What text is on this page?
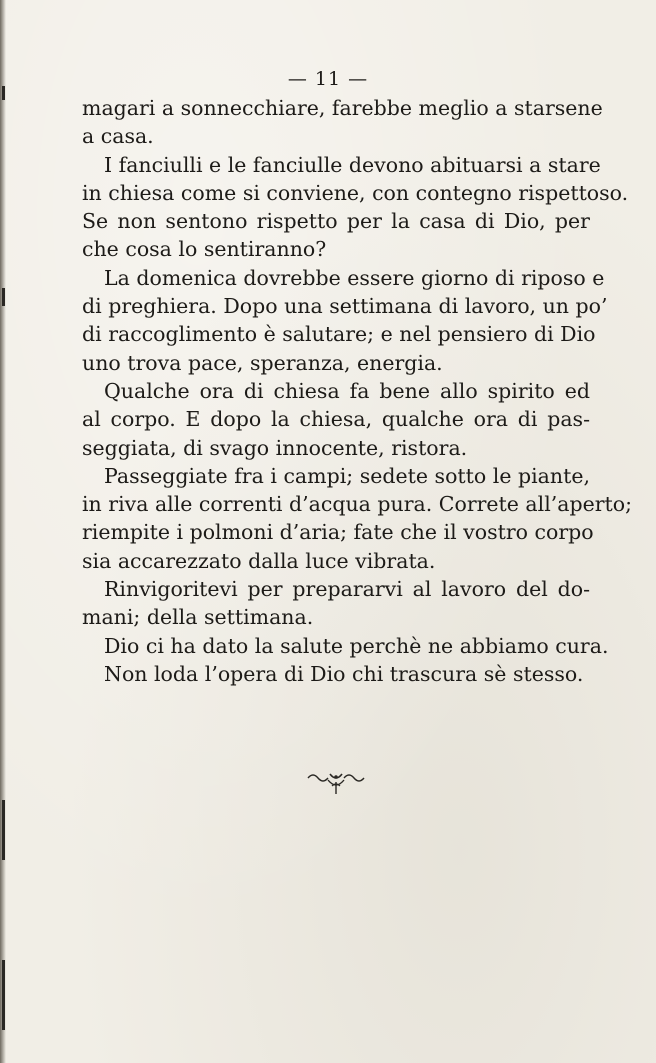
— 11 —

magari a sonnecchiare, farebbe meglio a starsene
a casa.

I fanciulli e le fanciulle devono abituarsi a stare
in chiesa come si conviene, con contegno rispettoso.
Se non sentono rispetto per la casa di Dio, per
che cosa lo sentiranno?

La domenica dovrebbe essere giorno di riposo e
di preghiera. Dopo una settimana di lavoro, un po’
di raccoglimento è salutare; e nel pensiero di Dio
uno trova pace, speranza, energia.

Qualche ora di chiesa fa bene allo spirito ed
al corpo. E dopo la chiesa, qualche ora di pas-
seggiata, di svago innocente, ristora.

Passeggiate fra i campi; sedete sotto le piante,
in riva alle correnti d’acqua pura. Correte all’aperto;
riempite i polmoni d’aria; fate che il vostro corpo
sia accarezzato dalla luce vibrata.

Rinvigoritevi per prepararvi al lavoro del do-
mani; della settimana.

Dio ci ha dato la salute perchè ne abbiamo cura.

Non loda l’opera di Dio chi trascura sè stesso.
